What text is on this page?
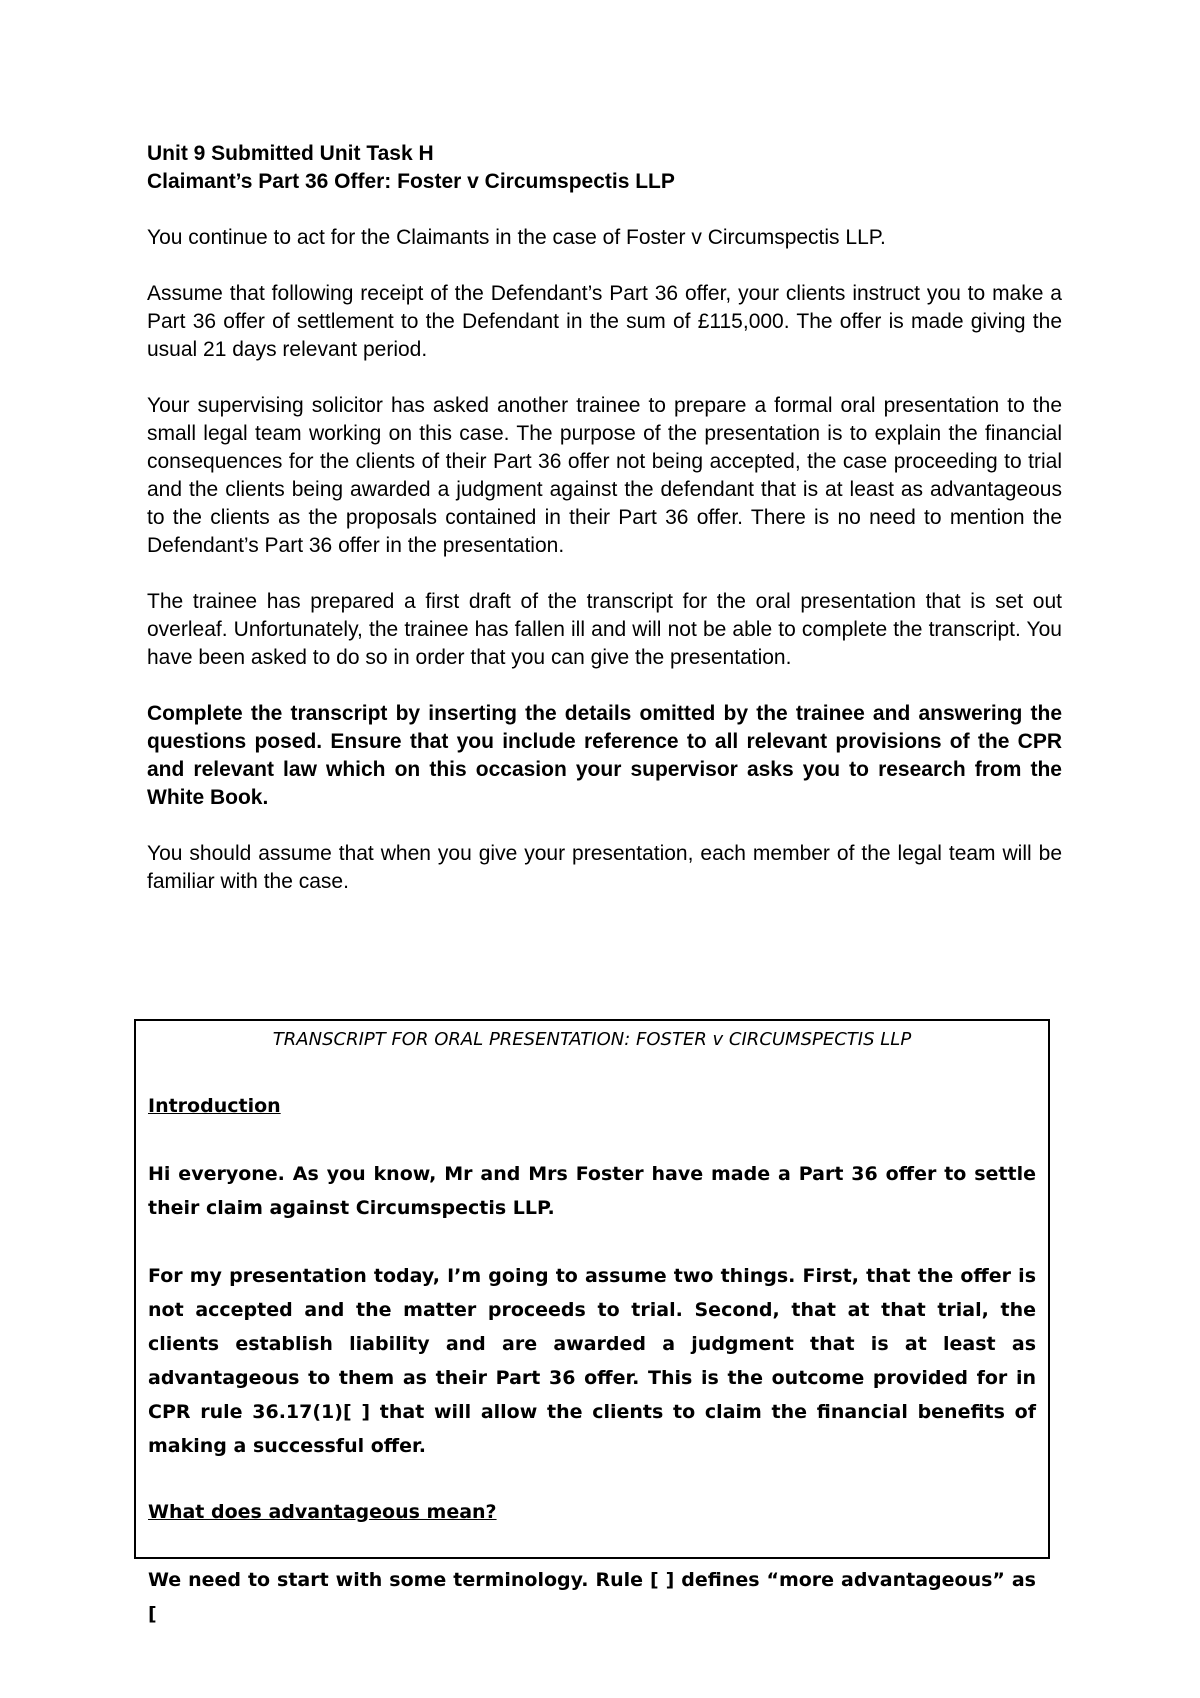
Unit 9 Submitted Unit Task H

Claimant’s Part 36 Offer: Foster v Circumspectis LLP

You continue to act for the Claimants in the case of Foster v Circumspectis LLP.

Assume that following receipt of the Defendant’s Part 36 offer, your clients instruct you to make a Part 36 offer of settlement to the Defendant in the sum of £115,000. The offer is made giving the usual 21 days relevant period.

Your supervising solicitor has asked another trainee to prepare a formal oral presentation to the small legal team working on this case. The purpose of the presentation is to explain the financial consequences for the clients of their Part 36 offer not being accepted, the case proceeding to trial and the clients being awarded a judgment against the defendant that is at least as advantageous to the clients as the proposals contained in their Part 36 offer. There is no need to mention the Defendant’s Part 36 offer in the presentation.

The trainee has prepared a first draft of the transcript for the oral presentation that is set out overleaf. Unfortunately, the trainee has fallen ill and will not be able to complete the transcript. You have been asked to do so in order that you can give the presentation.

Complete the transcript by inserting the details omitted by the trainee and answering the questions posed. Ensure that you include reference to all relevant provisions of the CPR and relevant law which on this occasion your supervisor asks you to research from the White Book.

You should assume that when you give your presentation, each member of the legal team will be familiar with the case.

TRANSCRIPT FOR ORAL PRESENTATION: FOSTER v CIRCUMSPECTIS LLP
Introduction
Hi everyone. As you know, Mr and Mrs Foster have made a Part 36 offer to settle their claim against Circumspectis LLP.
For my presentation today, I’m going to assume two things. First, that the offer is not accepted and the matter proceeds to trial. Second, that at that trial, the clients establish liability and are awarded a judgment that is at least as advantageous to them as their Part 36 offer. This is the outcome provided for in CPR rule 36.17(1)[ ] that will allow the clients to claim the financial benefits of making a successful offer.
What does advantageous mean?
We need to start with some terminology. Rule [ ] defines “more advantageous” as [
